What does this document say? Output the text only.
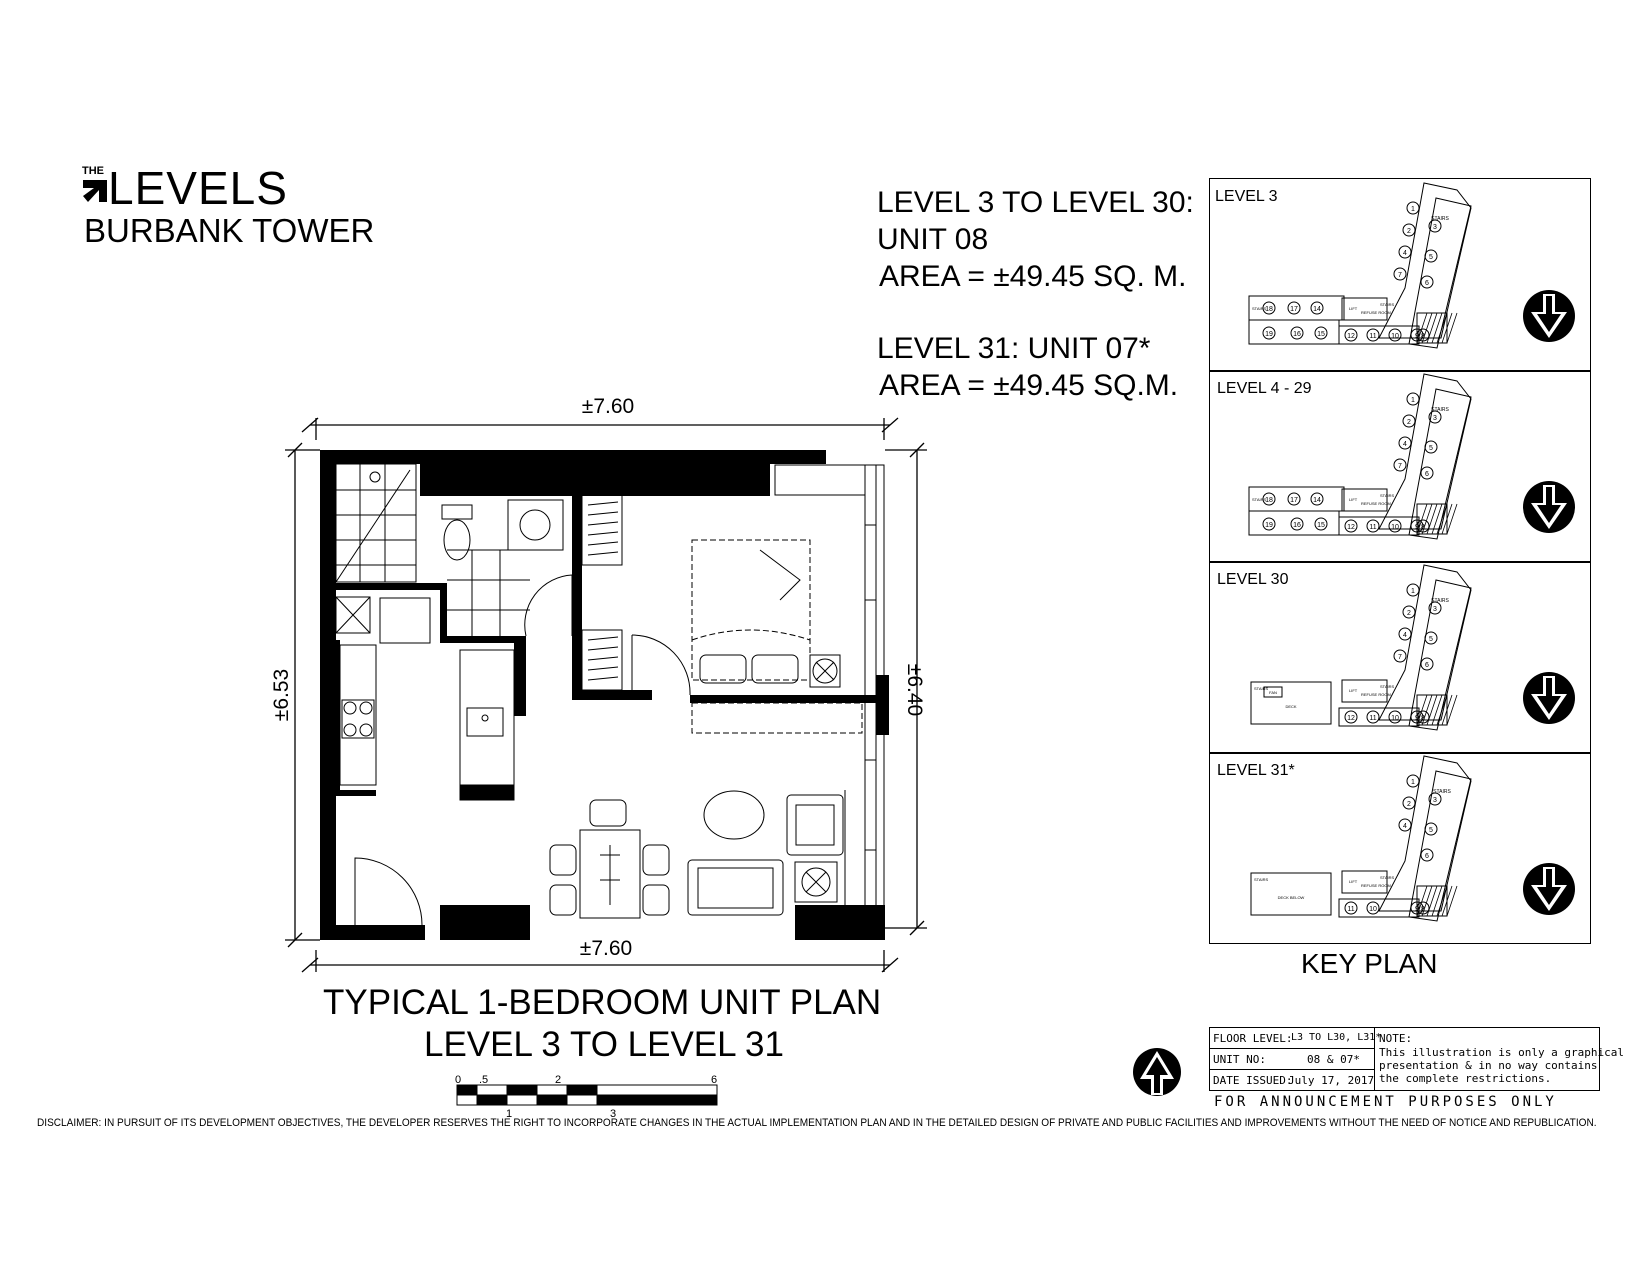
THE LEVELS
BURBANK TOWER
LEVEL 3 TO LEVEL 30:
UNIT 08
AREA = ±49.45 SQ. M.
LEVEL 31: UNIT 07*
AREA = ±49.45 SQ.M.
±7.60
±7.60
±6.53	±6.40
TYPICAL 1-BEDROOM UNIT PLAN
LEVEL 3 TO LEVEL 31
0 .5	2	6
1	3
LEVEL 3
LEVEL 4 - 29
LEVEL 30
LEVEL 31*
1
3
2
5
4
6
7
STAIRS
LIFT
REFUSE ROOM
STAIRS
8
12 11 10 9
STAIRS
18 17 14
19	16 15
1
3
2
5
4
6
7
STAIRS
LIFT
REFUSE ROOM
STAIRS
8
12 11 10 9
STAIRS
18 17 14
19	16 15
1
3
2
5
4
6
7
STAIRS
LIFT
REFUSE ROOM
STAIRS
8
12 11 10 9
STAIRS
DECK
FAN
1
3
2
5
4
6
STAIRS
LIFT
REFUSE ROOM
STAIRS
8
11 10	9
STAIRS
DECK BELOW
KEY PLAN
FLOOR LEVEL:
L3 TO L30, L31*
UNIT NO:	08 & 07*
DATE ISSUED:
July 17, 2017
NOTE:
This illustration is only a graphical
presentation & in no way contains
the complete restrictions.
FOR ANNOUNCEMENT PURPOSES ONLY
DISCLAIMER: IN PURSUIT OF ITS DEVELOPMENT OBJECTIVES, THE DEVELOPER RESERVES THE RIGHT TO INCORPORATE CHANGES IN THE ACTUAL IMPLEMENTATION PLAN AND IN THE DETAILED DESIGN OF PRIVATE AND PUBLIC FACILITIES AND IMPROVEMENTS WITHOUT THE NEED OF NOTICE AND REPUBLICATION.
